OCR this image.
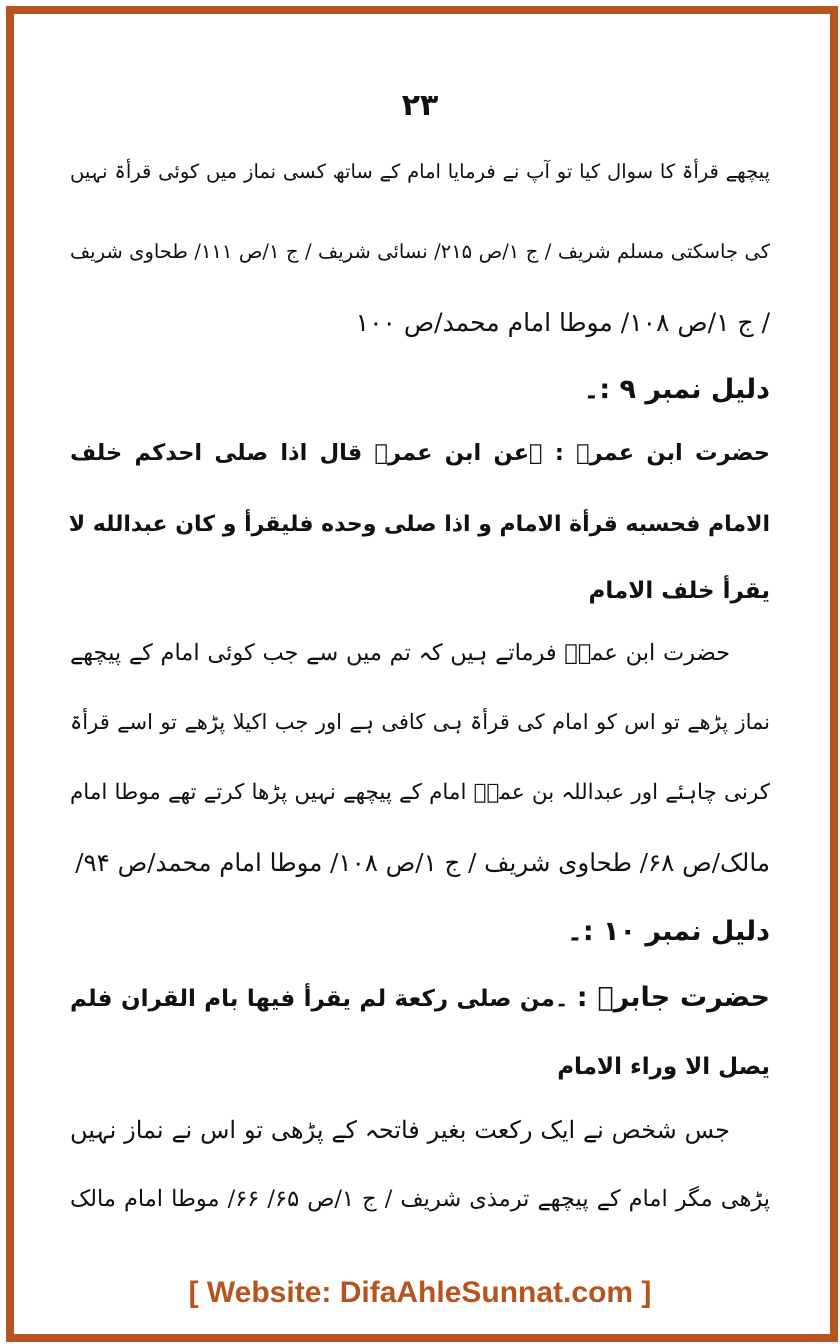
۲۳
پیچھے قرأۃ کا سوال کیا تو آپ نے فرمایا امام کے ساتھ کسی نماز میں کوئی قرأۃ نہیں
کی جاسکتی مسلم شریف / ج ۱/ص ۲۱۵/ نسائی شریف / ج ۱/ص ۱۱۱/ طحاوی شریف
/ ج ۱/ص ۱۰۸/ موطا امام محمد/ص ۱۰۰
دلیل نمبر ۹ :۔
حضرت ابن عمرؓ : ۔عن ابن عمرؓ قال اذا صلی احدکم خلف
الامام فحسبه قرأة الامام و اذا صلی وحده فلیقرأ و کان عبدالله لا
یقرأ خلف الامام
حضرت ابن عمرؓ فرماتے ہیں کہ تم میں سے جب کوئی امام کے پیچھے
نماز پڑھے تو اس کو امام کی قرأۃ ہی کافی ہے اور جب اکیلا پڑھے تو اسے قرأۃ
کرنی چاہئے اور عبداللہ بن عمرؓ امام کے پیچھے نہیں پڑھا کرتے تھے موطا امام
مالک/ص ۶۸/ طحاوی شریف / ج ۱/ص ۱۰۸/ موطا امام محمد/ص ۹۴/
دلیل نمبر ۱۰ :۔
حضرت جابرؓ : ۔من صلی رکعة لم یقرأ فیها بام القران فلم
یصل الا وراء الامام
جس شخص نے ایک رکعت بغیر فاتحہ کے پڑھی تو اس نے نماز نہیں
پڑھی مگر امام کے پیچھے ترمذی شریف / ج ۱/ص ۶۵/ ۶۶/ موطا امام مالک
[ Website: DifaAhleSunnat.com ]
